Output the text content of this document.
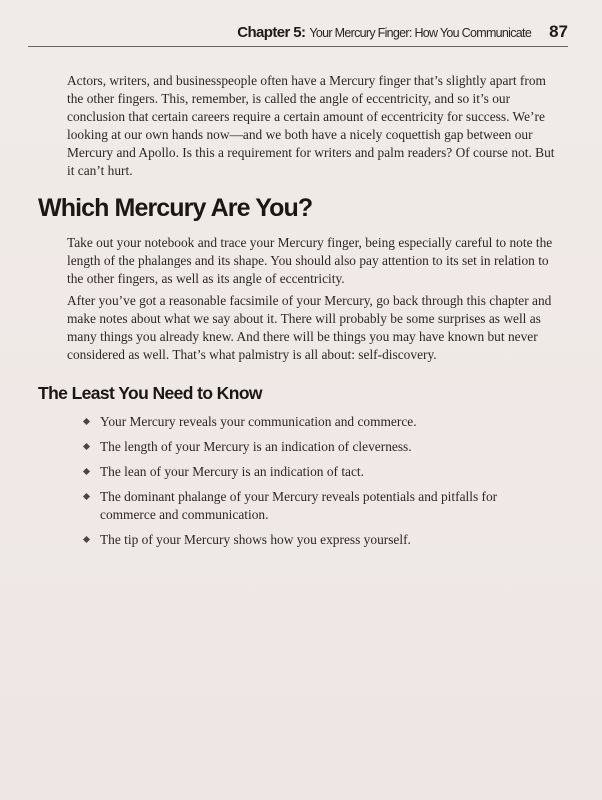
Chapter 5: Your Mercury Finger: How You Communicate 87

Actors, writers, and businesspeople often have a Mercury finger that’s slightly apart from the other fingers. This, remember, is called the angle of eccentricity, and so it’s our conclusion that certain careers require a certain amount of eccentricity for success. We’re looking at our own hands now—and we both have a nicely coquettish gap between our Mercury and Apollo. Is this a requirement for writers and palm readers? Of course not. But it can’t hurt.

Which Mercury Are You?

Take out your notebook and trace your Mercury finger, being especially careful to note the length of the phalanges and its shape. You should also pay attention to its set in relation to the other fingers, as well as its angle of eccentricity.

After you’ve got a reasonable facsimile of your Mercury, go back through this chapter and make notes about what we say about it. There will probably be some surprises as well as many things you already knew. And there will be things you may have known but never considered as well. That’s what palmistry is all about: self-discovery.

The Least You Need to Know
Your Mercury reveals your communication and commerce.
The length of your Mercury is an indication of cleverness.
The lean of your Mercury is an indication of tact.
The dominant phalange of your Mercury reveals potentials and pitfalls for commerce and communication.
The tip of your Mercury shows how you express yourself.
